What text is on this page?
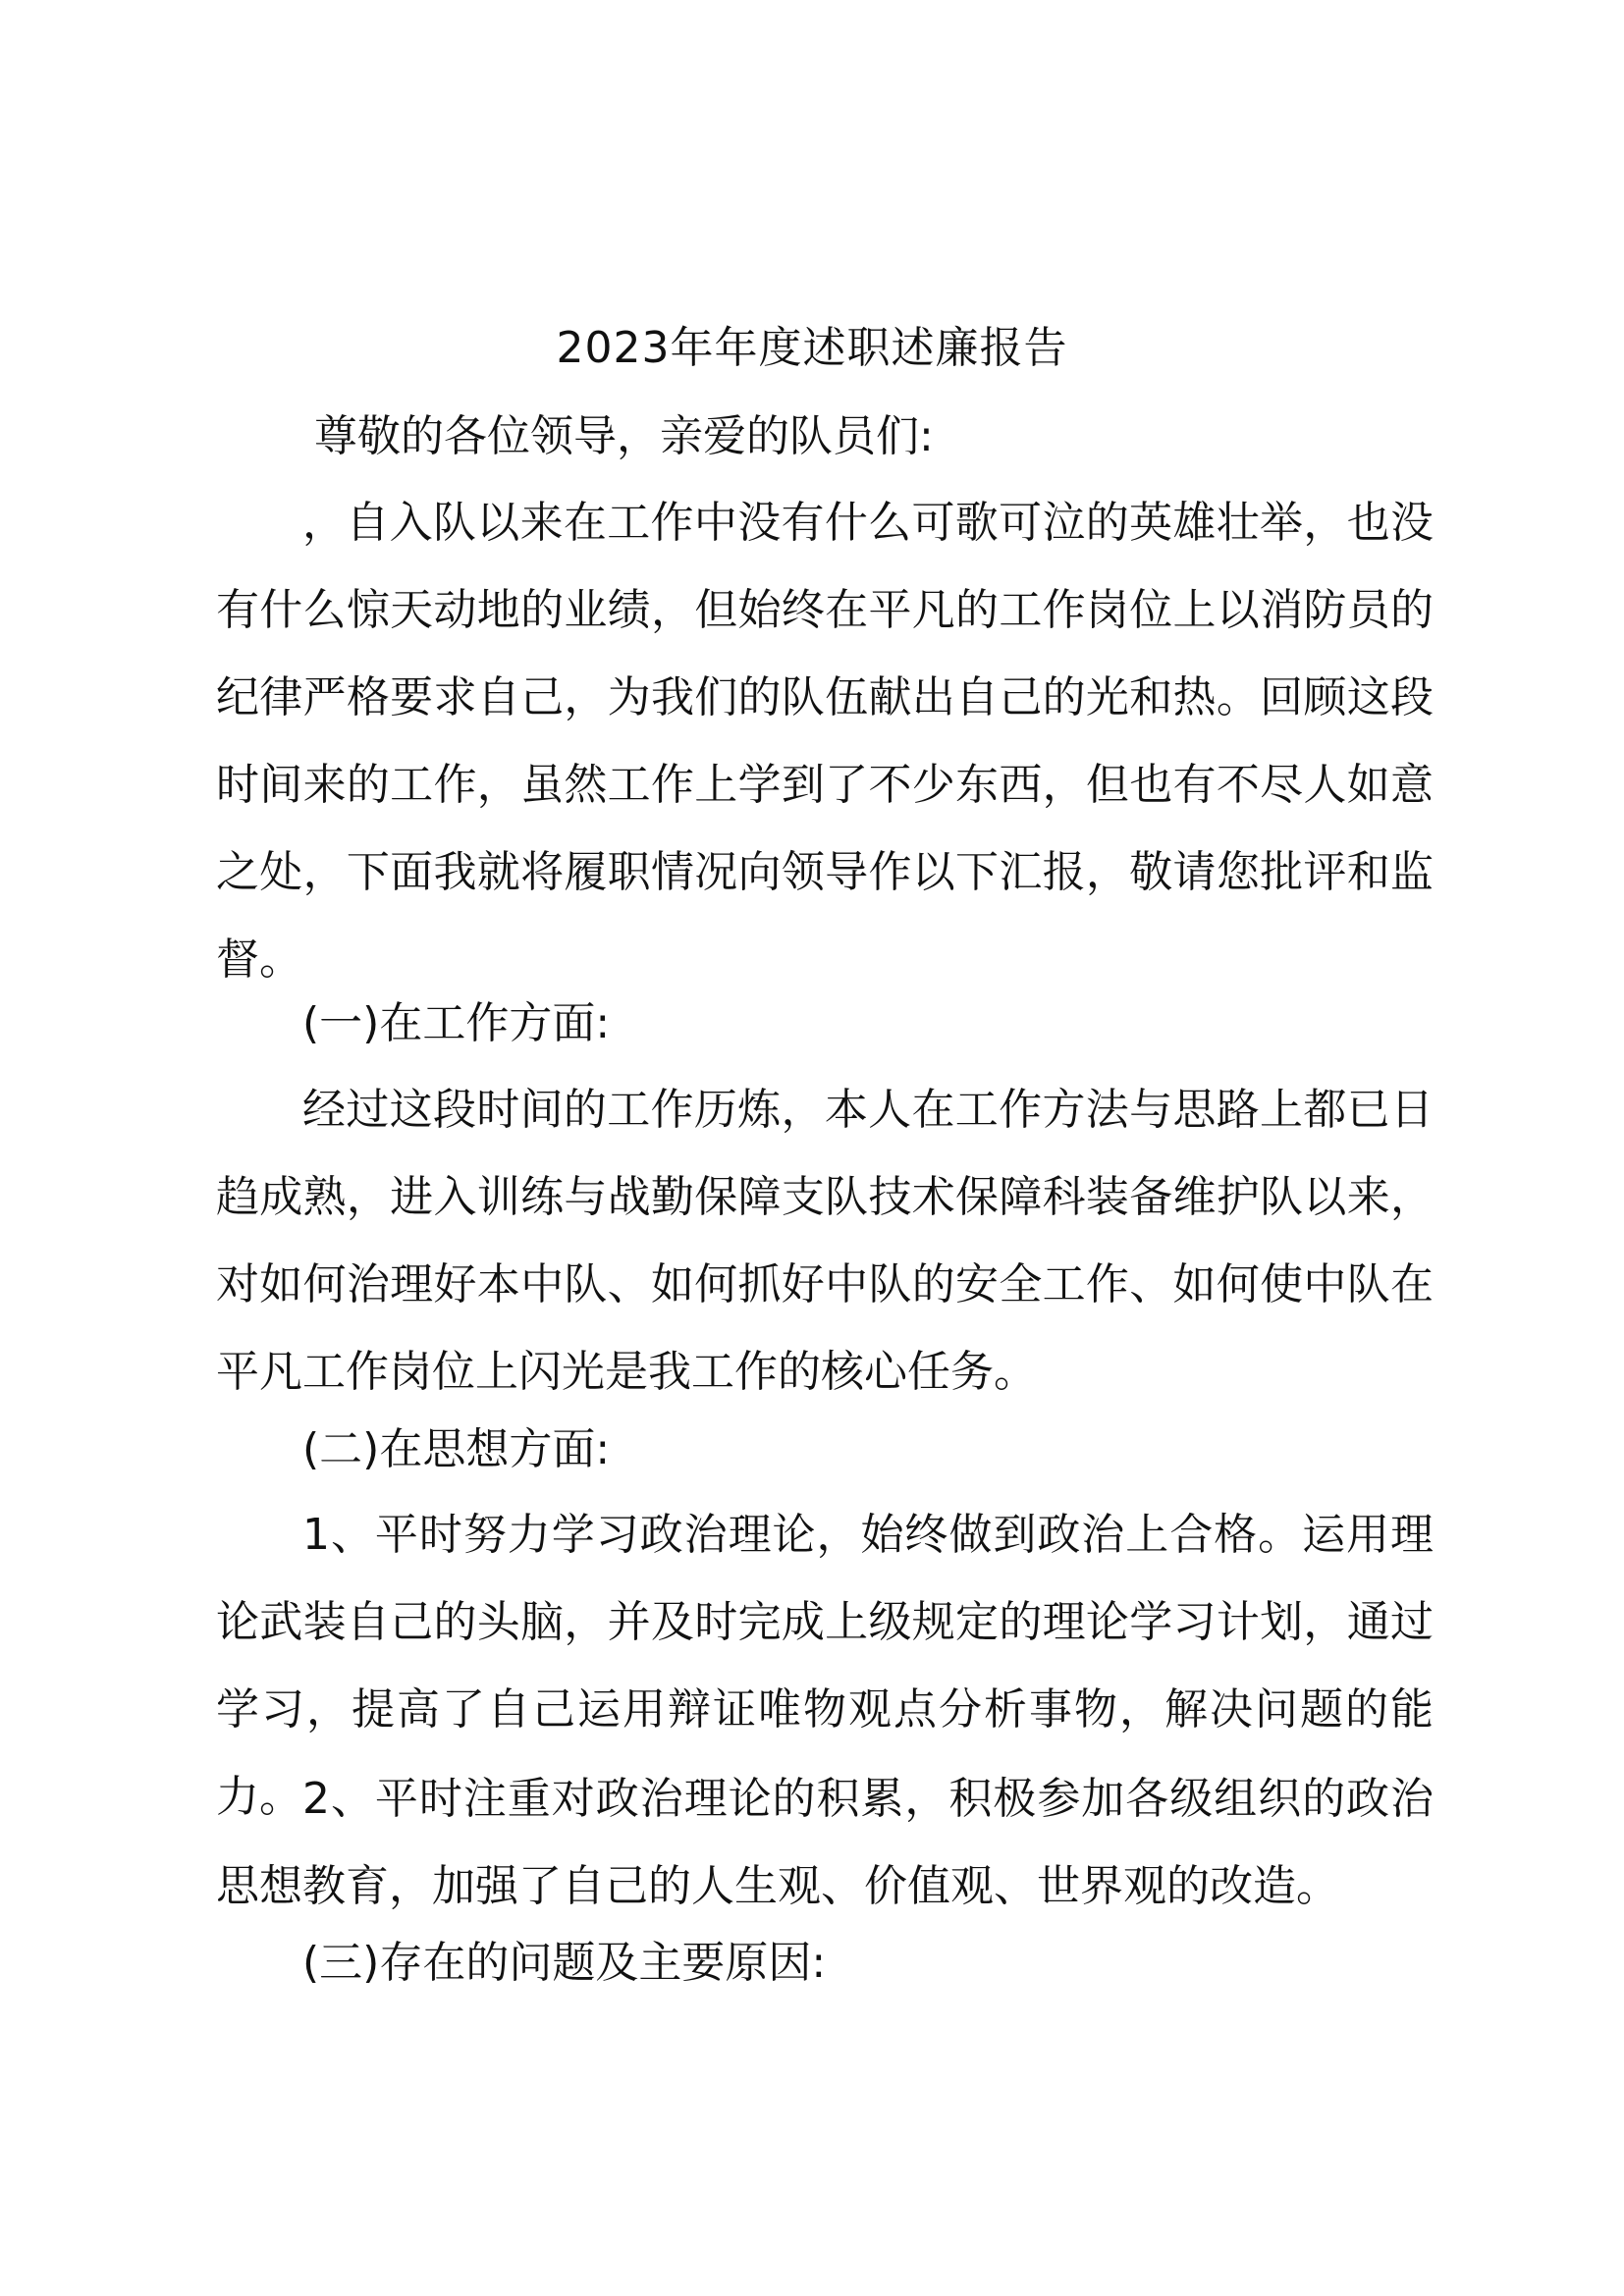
2023年年度述职述廉报告
尊敬的各位领导，亲爱的队员们:

，自入队以来在工作中没有什么可歌可泣的英雄壮举，也没有什么惊天动地的业绩，但始终在平凡的工作岗位上以消防员的纪律严格要求自己，为我们的队伍献出自己的光和热。回顾这段时间来的工作，虽然工作上学到了不少东西，但也有不尽人如意之处，下面我就将履职情况向领导作以下汇报，敬请您批评和监督。

(一)在工作方面:

经过这段时间的工作历炼，本人在工作方法与思路上都已日趋成熟，进入训练与战勤保障支队技术保障科装备维护队以来，对如何治理好本中队、如何抓好中队的安全工作、如何使中队在平凡工作岗位上闪光是我工作的核心任务。

(二)在思想方面:

1、平时努力学习政治理论，始终做到政治上合格。运用理论武装自己的头脑，并及时完成上级规定的理论学习计划，通过学习，提高了自己运用辩证唯物观点分析事物，解决问题的能力。 2、平时注重对政治理论的积累，积极参加各级组织的政治思想教育，加强了自己的人生观、价值观、世界观的改造。

(三)存在的问题及主要原因:
